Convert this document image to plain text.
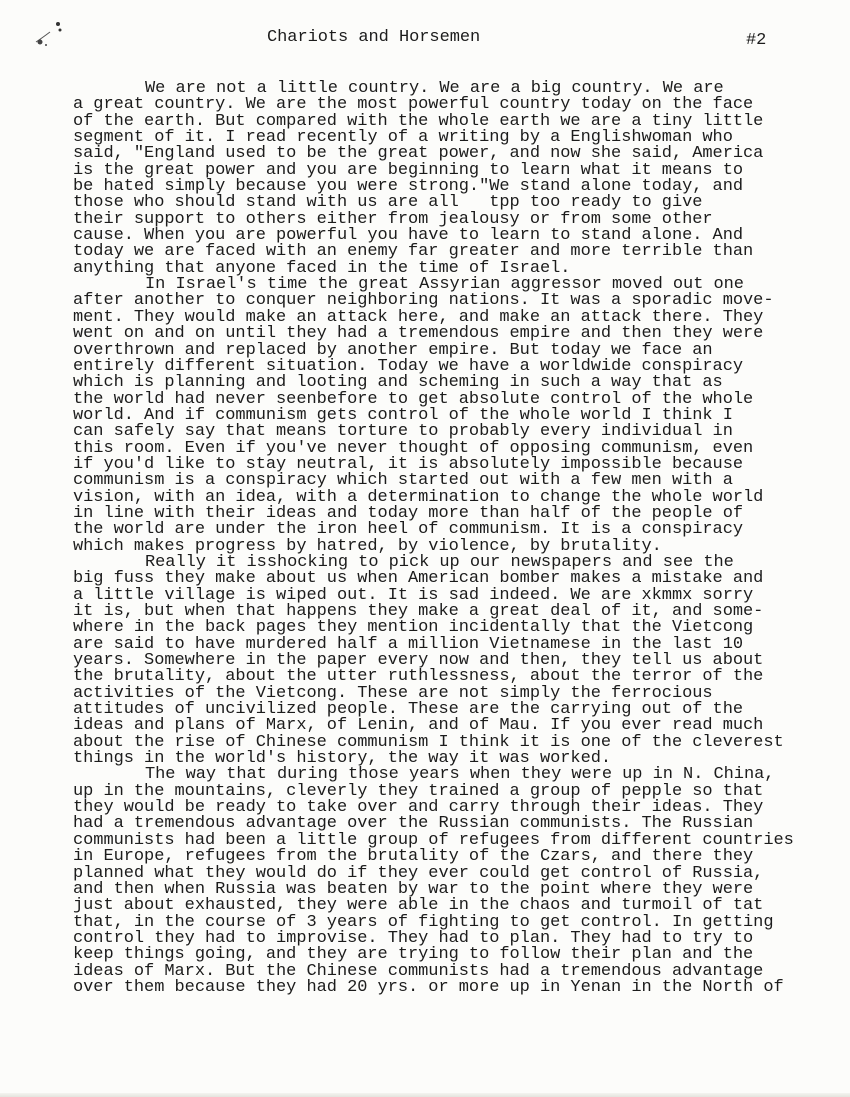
Chariots and Horsemen	#2
We are not a little country. We are a big country. We are
a great country. We are the most powerful country today on the face
of the earth. But compared with the whole earth we are a tiny little
segment of it. I read recently of a writing by a Englishwoman who
said, "England used to be the great power, and now she said, America
is the great power and you are beginning to learn what it means to
be hated simply because you were strong."We stand alone today, and
those who should stand with us are all   tpp too ready to give
their support to others either from jealousy or from some other
cause. When you are powerful you have to learn to stand alone. And
today we are faced with an enemy far greater and more terrible than
anything that anyone faced in the time of Israel.
In Israel's time the great Assyrian aggressor moved out one
after another to conquer neighboring nations. It was a sporadic move-
ment. They would make an attack here, and make an attack there. They
went on and on until they had a tremendous empire and then they were
overthrown and replaced by another empire. But today we face an
entirely different situation. Today we have a worldwide conspiracy
which is planning and looting and scheming in such a way that as
the world had never seenbefore to get absolute control of the whole
world. And if communism gets control of the whole world I think I
can safely say that means torture to probably every individual in
this room. Even if you've never thought of opposing communism, even
if you'd like to stay neutral, it is absolutely impossible because
communism is a conspiracy which started out with a few men with a
vision, with an idea, with a determination to change the whole world
in line with their ideas and today more than half of the people of
the world are under the iron heel of communism. It is a conspiracy
which makes progress by hatred, by violence, by brutality.
Really it isshocking to pick up our newspapers and see the
big fuss they make about us when American bomber makes a mistake and
a little village is wiped out. It is sad indeed. We are xkmmx sorry
it is, but when that happens they make a great deal of it, and some-
where in the back pages they mention incidentally that the Vietcong
are said to have murdered half a million Vietnamese in the last 10
years. Somewhere in the paper every now and then, they tell us about
the brutality, about the utter ruthlessness, about the terror of the
activities of the Vietcong. These are not simply the ferrocious
attitudes of uncivilized people. These are the carrying out of the
ideas and plans of Marx, of Lenin, and of Mau. If you ever read much
about the rise of Chinese communism I think it is one of the cleverest
things in the world's history, the way it was worked.
The way that during those years when they were up in N. China,
up in the mountains, cleverly they trained a group of pepple so that
they would be ready to take over and carry through their ideas. They
had a tremendous advantage over the Russian communists. The Russian
communists had been a little group of refugees from different countries
in Europe, refugees from the brutality of the Czars, and there they
planned what they would do if they ever could get control of Russia,
and then when Russia was beaten by war to the point where they were
just about exhausted, they were able in the chaos and turmoil of tat
that, in the course of 3 years of fighting to get control. In getting
control they had to improvise. They had to plan. They had to try to
keep things going, and they are trying to follow their plan and the
ideas of Marx. But the Chinese communists had a tremendous advantage
over them because they had 20 yrs. or more up in Yenan in the North of
